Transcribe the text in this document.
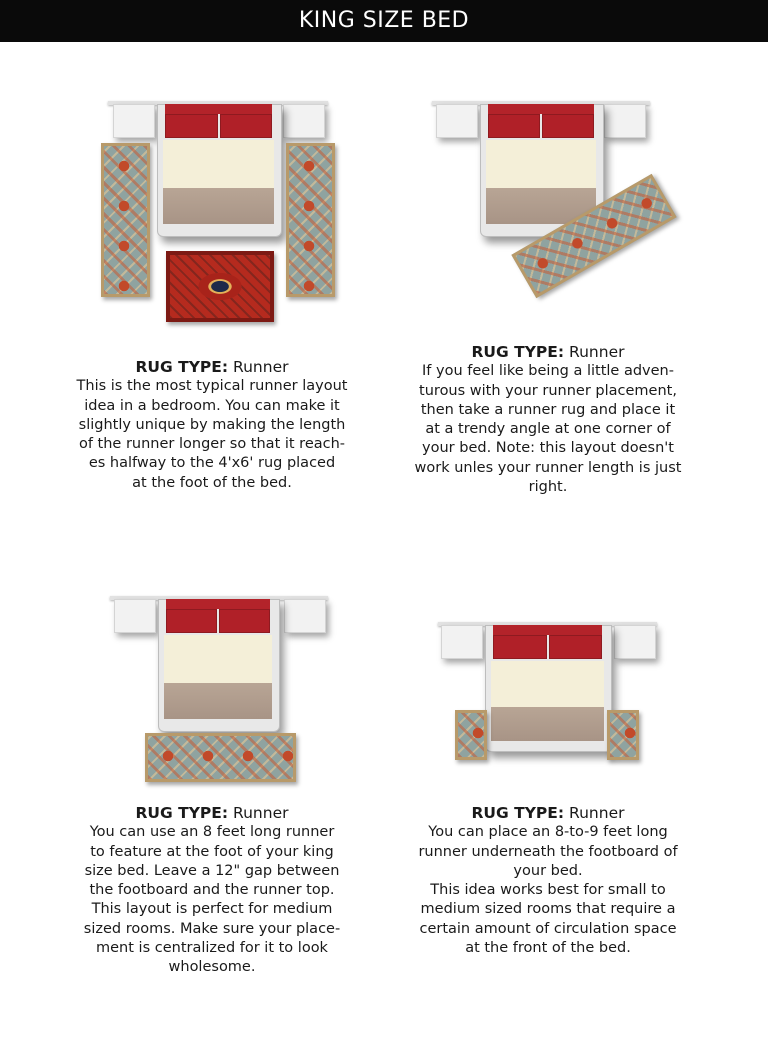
KING SIZE BED
RUG TYPE: Runner
This is the most typical runner layout
idea in a bedroom. You can make it
slightly unique by making the length
of the runner longer so that it reach-
es halfway to the 4'x6' rug placed
at the foot of the bed.
RUG TYPE: Runner
If you feel like being a little adven-
turous with your runner placement,
then take a runner rug and place it
at a trendy angle at one corner of
your bed. Note: this layout doesn't
work unles your runner length is just
right.
RUG TYPE: Runner
You can use an 8 feet long runner
to feature at the foot of your king
size bed. Leave a 12" gap between
the footboard and the runner top.
This layout is perfect for medium
sized rooms. Make sure your place-
ment is centralized for it to look
wholesome.
RUG TYPE: Runner
You can place an 8-to-9 feet long
runner underneath the footboard of
your bed.
This idea works best for small to
medium sized rooms that require a
certain amount of circulation space
at the front of the bed.
